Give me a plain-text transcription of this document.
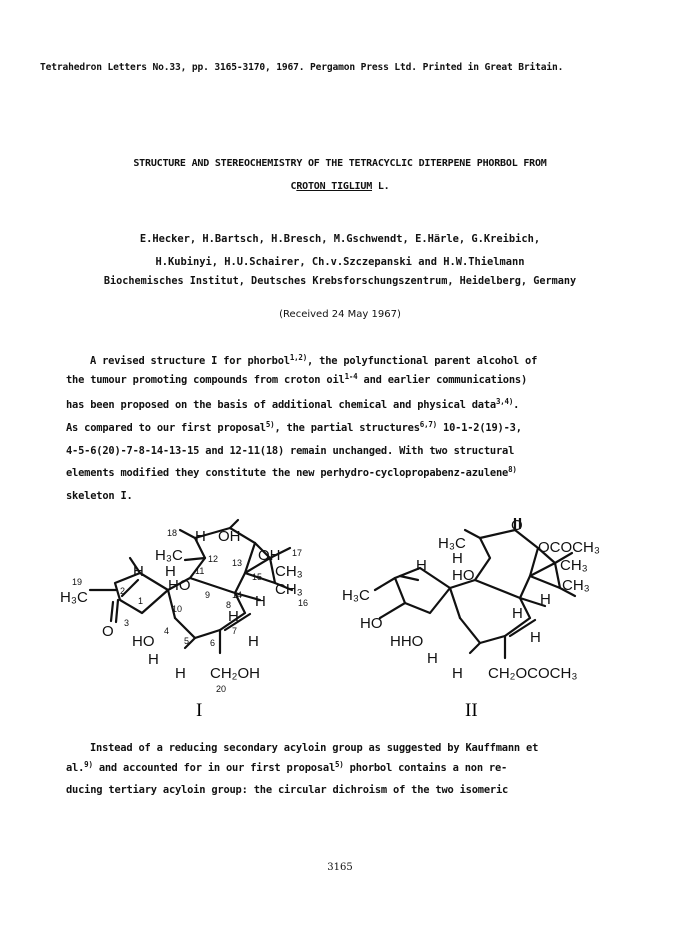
Tetrahedron Letters No.33, pp. 3165-3170, 1967. Pergamon Press Ltd. Printed in Great Britain.
STRUCTURE AND STEREOCHEMISTRY OF THE TETRACYCLIC DITERPENE PHORBOL FROM
CROTON TIGLIUM L.
E.Hecker, H.Bartsch, H.Bresch, M.Gschwendt, E.Härle, G.Kreibich,
H.Kubinyi, H.U.Schairer, Ch.v.Szczepanski and H.W.Thielmann
Biochemisches Institut, Deutsches Krebsforschungszentrum, Heidelberg, Germany
(Received 24 May 1967)
A revised structure I for phorbol$^{1,2)}$, the polyfunctional parent alcohol of
the tumour promoting compounds from croton oil$^{1-4}$ and earlier communications)
has been proposed on the basis of additional chemical and physical data$^{3,4)}$.
As compared to our first proposal$^{5)}$, the partial structures$^{6,7)}$ 10-1-2(19)-3,
4-5-6(20)-7-8-14-13-15 and 12-11(18) remain unchanged. With two structural
elements modified they constitute the new perhydro-cyclopropabenz-azulene$^{8)}$
skeleton I.
H OH
H₃C	OH
H	CH₃
CH₃
H
HO
H
H₃C
H
O
H
HO
H
H CH₂OH
18
17
12 13
11
15
9 14
16
19
2
1
10	8
3
4	7
5 6
20
O
H₃C	OCOCH₃
CH₃
CH₃
H
H
HO
H
H₃C
H
HO
HHO	H
H
H CH₂OCOCH₃
I	II
Instead of a reducing secondary acyloin group as suggested by Kauffmann et
al.$^{9)}$ and accounted for in our first proposal$^{5)}$ phorbol contains a non re-
ducing tertiary acyloin group: the circular dichroism of the two isomeric
3165
